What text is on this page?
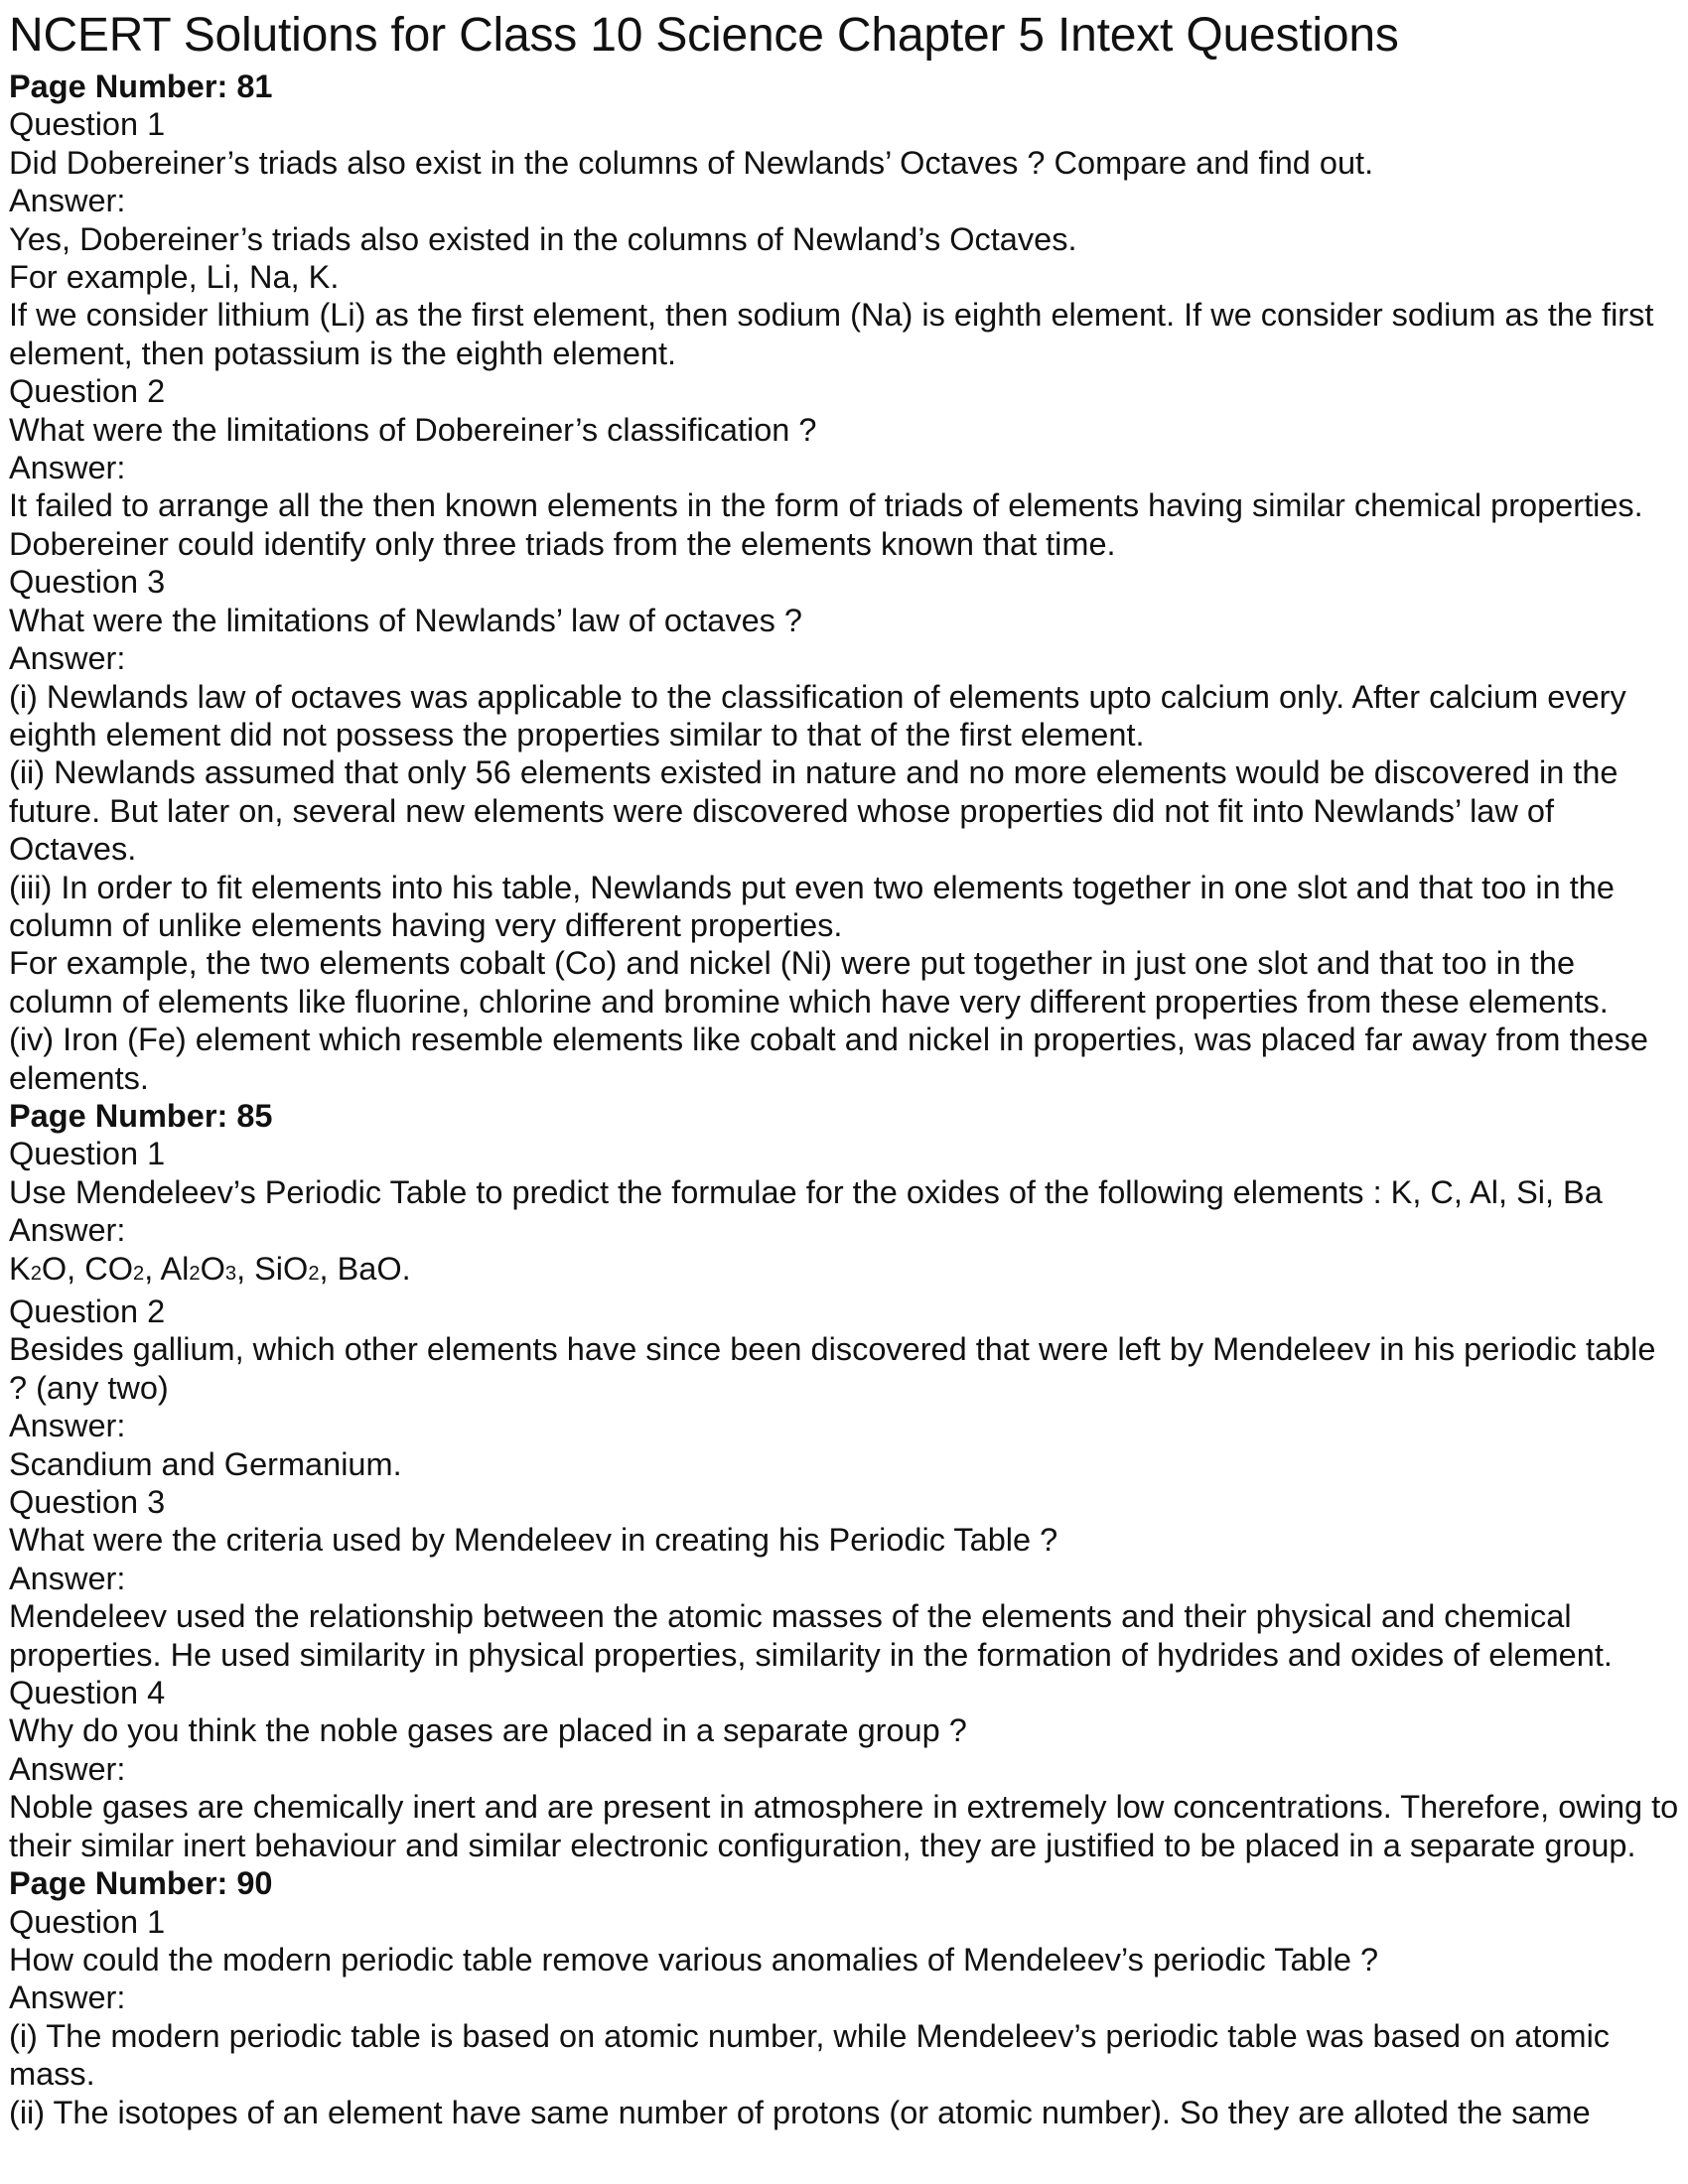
NCERT Solutions for Class 10 Science Chapter 5 Intext Questions

Page Number: 81

Question 1

Did Dobereiner’s triads also exist in the columns of Newlands’ Octaves ? Compare and find out.

Answer:

Yes, Dobereiner’s triads also existed in the columns of Newland’s Octaves.

For example, Li, Na, K.

If we consider lithium (Li) as the first element, then sodium (Na) is eighth element. If we consider sodium as the first element, then potassium is the eighth element.

Question 2

What were the limitations of Dobereiner’s classification ?

Answer:

It failed to arrange all the then known elements in the form of triads of elements having similar chemical properties. Dobereiner could identify only three triads from the elements known that time.

Question 3

What were the limitations of Newlands’ law of octaves ?

Answer:

(i) Newlands law of octaves was applicable to the classification of elements upto calcium only. After calcium every eighth element did not possess the properties similar to that of the first element.

(ii) Newlands assumed that only 56 elements existed in nature and no more elements would be discovered in the future. But later on, several new elements were discovered whose properties did not fit into Newlands’ law of Octaves.

(iii) In order to fit elements into his table, Newlands put even two elements together in one slot and that too in the column of unlike elements having very different properties.

For example, the two elements cobalt (Co) and nickel (Ni) were put together in just one slot and that too in the column of elements like fluorine, chlorine and bromine which have very different properties from these elements.

(iv) Iron (Fe) element which resemble elements like cobalt and nickel in properties, was placed far away from these elements.

Page Number: 85

Question 1

Use Mendeleev’s Periodic Table to predict the formulae for the oxides of the following elements : K, C, Al, Si, Ba

Answer:

K2O, CO2, Al2O3, SiO2, BaO.

Question 2

Besides gallium, which other elements have since been discovered that were left by Mendeleev in his periodic table ? (any two)

Answer:

Scandium and Germanium.

Question 3

What were the criteria used by Mendeleev in creating his Periodic Table ?

Answer:

Mendeleev used the relationship between the atomic masses of the elements and their physical and chemical properties. He used similarity in physical properties, similarity in the formation of hydrides and oxides of element.

Question 4

Why do you think the noble gases are placed in a separate group ?

Answer:

Noble gases are chemically inert and are present in atmosphere in extremely low concentrations. Therefore, owing to their similar inert behaviour and similar electronic configuration, they are justified to be placed in a separate group.

Page Number: 90

Question 1

How could the modern periodic table remove various anomalies of Mendeleev’s periodic Table ?

Answer:

(i) The modern periodic table is based on atomic number, while Mendeleev’s periodic table was based on atomic mass.

(ii) The isotopes of an element have same number of protons (or atomic number). So they are alloted the same
